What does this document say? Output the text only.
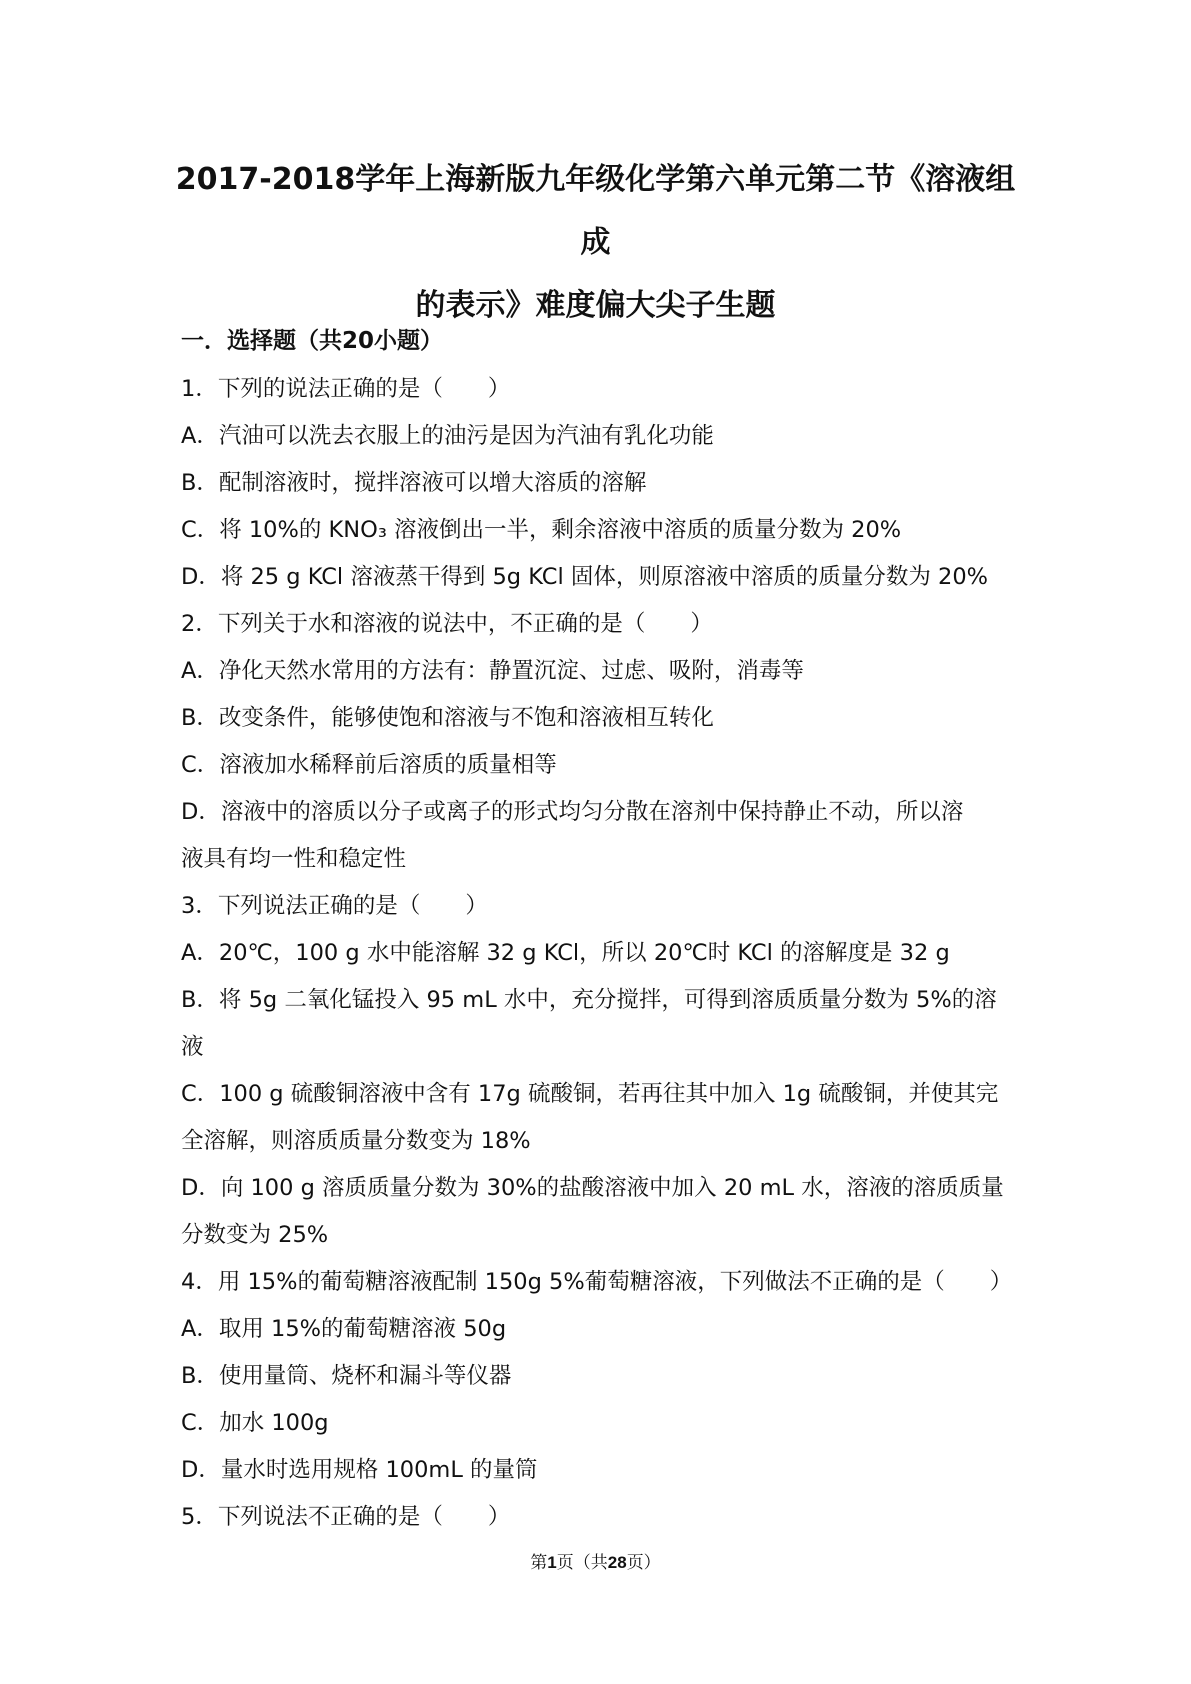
2017-2018学年上海新版九年级化学第六单元第二节《溶液组成
的表示》难度偏大尖子生题
一．选择题（共20小题）
1．下列的说法正确的是（　　）
A．汽油可以洗去衣服上的油污是因为汽油有乳化功能
B．配制溶液时，搅拌溶液可以增大溶质的溶解
C．将 10%的 KNO₃ 溶液倒出一半，剩余溶液中溶质的质量分数为 20%
D．将 25 g KCl 溶液蒸干得到 5g KCl 固体，则原溶液中溶质的质量分数为 20%
2．下列关于水和溶液的说法中，不正确的是（　　）
A．净化天然水常用的方法有：静置沉淀、过虑、吸附，消毒等
B．改变条件，能够使饱和溶液与不饱和溶液相互转化
C．溶液加水稀释前后溶质的质量相等
D．溶液中的溶质以分子或离子的形式均匀分散在溶剂中保持静止不动，所以溶
液具有均一性和稳定性
3．下列说法正确的是（　　）
A．20℃，100 g 水中能溶解 32 g KCl，所以 20℃时 KCl 的溶解度是 32 g
B．将 5g 二氧化锰投入 95 mL 水中，充分搅拌，可得到溶质质量分数为 5%的溶
液
C．100 g 硫酸铜溶液中含有 17g 硫酸铜，若再往其中加入 1g 硫酸铜，并使其完
全溶解，则溶质质量分数变为 18%
D．向 100 g 溶质质量分数为 30%的盐酸溶液中加入 20 mL 水，溶液的溶质质量
分数变为 25%
4．用 15%的葡萄糖溶液配制 150g 5%葡萄糖溶液，下列做法不正确的是（　　）
A．取用 15%的葡萄糖溶液 50g
B．使用量筒、烧杯和漏斗等仪器
C．加水 100g
D．量水时选用规格 100mL 的量筒
5．下列说法不正确的是（　　）
第1页（共28页）
